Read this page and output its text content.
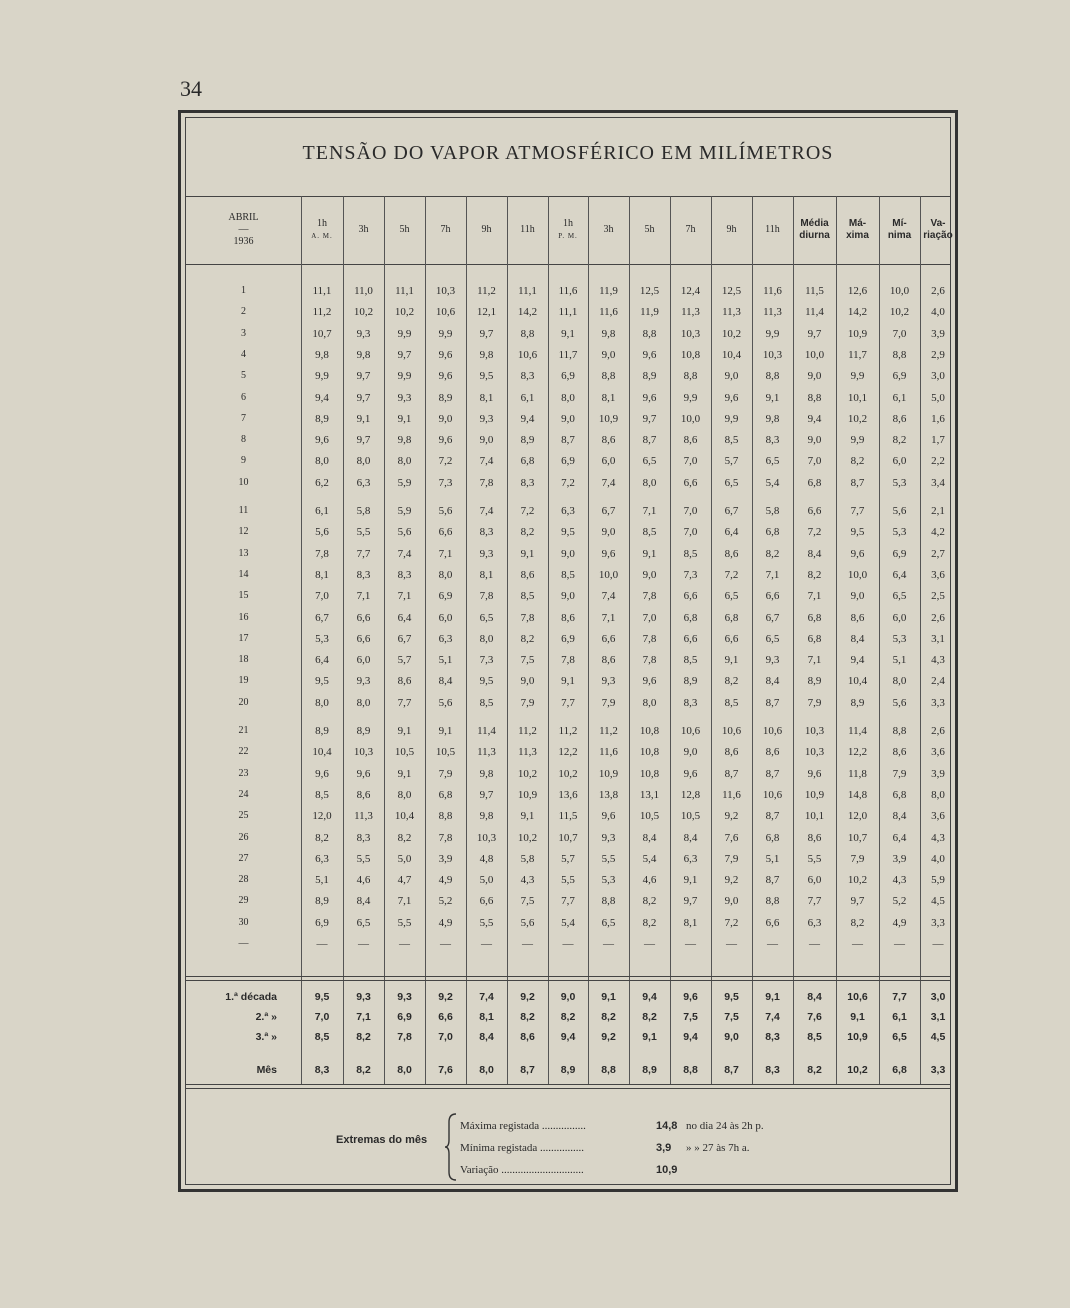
34
TENSÃO DO VAPOR ATMOSFÉRICO EM MILÍMETROS
ABRIL
—
1936
1h
A. M.
3h	5h	7h	9h	11h
1h
P. M.
3h	5h	7h	9h	11h
Média
diurna
Má-
xima
Mí-
nima
Va-
riação
1	11,1	11,0	11,1	10,3	11,2	11,1	11,6	11,9	12,5	12,4	12,5	11,6	11,5	12,6	10,0	2,6
2	11,2	10,2	10,2	10,6	12,1	14,2	11,1	11,6	11,9	11,3	11,3	11,3	11,4	14,2	10,2	4,0
3	10,7	9,3	9,9	9,9	9,7	8,8	9,1	9,8	8,8	10,3	10,2	9,9	9,7	10,9	7,0	3,9
4	9,8	9,8	9,7	9,6	9,8	10,6	11,7	9,0	9,6	10,8	10,4	10,3	10,0	11,7	8,8	2,9
5	9,9	9,7	9,9	9,6	9,5	8,3	6,9	8,8	8,9	8,8	9,0	8,8	9,0	9,9	6,9	3,0
6	9,4	9,7	9,3	8,9	8,1	6,1	8,0	8,1	9,6	9,9	9,6	9,1	8,8	10,1	6,1	5,0
7	8,9	9,1	9,1	9,0	9,3	9,4	9,0	10,9	9,7	10,0	9,9	9,8	9,4	10,2	8,6	1,6
8	9,6	9,7	9,8	9,6	9,0	8,9	8,7	8,6	8,7	8,6	8,5	8,3	9,0	9,9	8,2	1,7
9	8,0	8,0	8,0	7,2	7,4	6,8	6,9	6,0	6,5	7,0	5,7	6,5	7,0	8,2	6,0	2,2
10	6,2	6,3	5,9	7,3	7,8	8,3	7,2	7,4	8,0	6,6	6,5	5,4	6,8	8,7	5,3	3,4
11	6,1	5,8	5,9	5,6	7,4	7,2	6,3	6,7	7,1	7,0	6,7	5,8	6,6	7,7	5,6	2,1
12	5,6	5,5	5,6	6,6	8,3	8,2	9,5	9,0	8,5	7,0	6,4	6,8	7,2	9,5	5,3	4,2
13	7,8	7,7	7,4	7,1	9,3	9,1	9,0	9,6	9,1	8,5	8,6	8,2	8,4	9,6	6,9	2,7
14	8,1	8,3	8,3	8,0	8,1	8,6	8,5	10,0	9,0	7,3	7,2	7,1	8,2	10,0	6,4	3,6
15	7,0	7,1	7,1	6,9	7,8	8,5	9,0	7,4	7,8	6,6	6,5	6,6	7,1	9,0	6,5	2,5
16	6,7	6,6	6,4	6,0	6,5	7,8	8,6	7,1	7,0	6,8	6,8	6,7	6,8	8,6	6,0	2,6
17	5,3	6,6	6,7	6,3	8,0	8,2	6,9	6,6	7,8	6,6	6,6	6,5	6,8	8,4	5,3	3,1
18	6,4	6,0	5,7	5,1	7,3	7,5	7,8	8,6	7,8	8,5	9,1	9,3	7,1	9,4	5,1	4,3
19	9,5	9,3	8,6	8,4	9,5	9,0	9,1	9,3	9,6	8,9	8,2	8,4	8,9	10,4	8,0	2,4
20	8,0	8,0	7,7	5,6	8,5	7,9	7,7	7,9	8,0	8,3	8,5	8,7	7,9	8,9	5,6	3,3
21	8,9	8,9	9,1	9,1	11,4	11,2	11,2	11,2	10,8	10,6	10,6	10,6	10,3	11,4	8,8	2,6
22	10,4	10,3	10,5	10,5	11,3	11,3	12,2	11,6	10,8	9,0	8,6	8,6	10,3	12,2	8,6	3,6
23	9,6	9,6	9,1	7,9	9,8	10,2	10,2	10,9	10,8	9,6	8,7	8,7	9,6	11,8	7,9	3,9
24	8,5	8,6	8,0	6,8	9,7	10,9	13,6	13,8	13,1	12,8	11,6	10,6	10,9	14,8	6,8	8,0
25	12,0	11,3	10,4	8,8	9,8	9,1	11,5	9,6	10,5	10,5	9,2	8,7	10,1	12,0	8,4	3,6
26	8,2	8,3	8,2	7,8	10,3	10,2	10,7	9,3	8,4	8,4	7,6	6,8	8,6	10,7	6,4	4,3
27	6,3	5,5	5,0	3,9	4,8	5,8	5,7	5,5	5,4	6,3	7,9	5,1	5,5	7,9	3,9	4,0
28	5,1	4,6	4,7	4,9	5,0	4,3	5,5	5,3	4,6	9,1	9,2	8,7	6,0	10,2	4,3	5,9
29	8,9	8,4	7,1	5,2	6,6	7,5	7,7	8,8	8,2	9,7	9,0	8,8	7,7	9,7	5,2	4,5
30	6,9	6,5	5,5	4,9	5,5	5,6	5,4	6,5	8,2	8,1	7,2	6,6	6,3	8,2	4,9	3,3
—	—	—	—	—	—	—	—	—	—	—	—	—	—	—	—	—
1.ª década	9,5	9,3	9,3	9,2	7,4	9,2	9,0	9,1	9,4	9,6	9,5	9,1	8,4	10,6	7,7	3,0
2.ª »	7,0	7,1	6,9	6,6	8,1	8,2	8,2	8,2	8,2	7,5	7,5	7,4	7,6	9,1	6,1	3,1
3.ª »	8,5	8,2	7,8	7,0	8,4	8,6	9,4	9,2	9,1	9,4	9,0	8,3	8,5	10,9	6,5	4,5
Mês	8,3	8,2	8,0	7,6	8,0	8,7	8,9	8,8	8,9	8,8	8,7	8,3	8,2	10,2	6,8	3,3
Extremas do mês
Máxima registada ................	14,8 no dia 24 às 2h p.
Mínima registada ................	3,9 » » 27 às 7h a.
Variação ..............................	10,9
